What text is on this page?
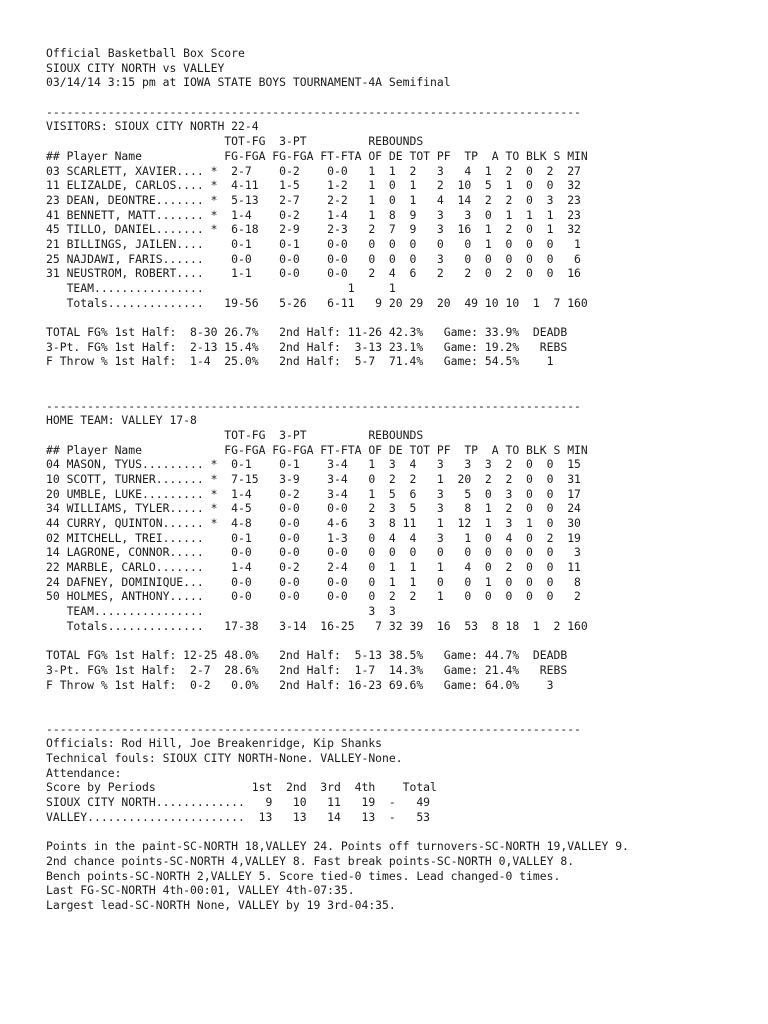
Official Basketball Box Score
SIOUX CITY NORTH vs VALLEY
03/14/14 3:15 pm at IOWA STATE BOYS TOURNAMENT-4A Semifinal
------------------------------------------------------------------------------
VISITORS: SIOUX CITY NORTH 22-4
TOT-FG  3-PT         REBOUNDS
## Player Name            FG-FGA FG-FGA FT-FTA OF DE TOT PF  TP  A TO BLK S MIN
03 SCARLETT, XAVIER.... *  2-7    0-2    0-0   1  1  2   3   4  1  2  0  2  27
11 ELIZALDE, CARLOS.... *  4-11   1-5    1-2   1  0  1   2  10  5  1  0  0  32
23 DEAN, DEONTRE....... *  5-13   2-7    2-2   1  0  1   4  14  2  2  0  3  23
41 BENNETT, MATT....... *  1-4    0-2    1-4   1  8  9   3   3  0  1  1  1  23
45 TILLO, DANIEL....... *  6-18   2-9    2-3   2  7  9   3  16  1  2  0  1  32
21 BILLINGS, JAILEN....    0-1    0-1    0-0   0  0  0   0   0  1  0  0  0   1
25 NAJDAWI, FARIS......    0-0    0-0    0-0   0  0  0   3   0  0  0  0  0   6
31 NEUSTROM, ROBERT....    1-1    0-0    0-0   2  4  6   2   2  0  2  0  0  16
TEAM................                     1     1
Totals..............   19-56   5-26   6-11   9 20 29  20  49 10 10  1  7 160
TOTAL FG% 1st Half:  8-30 26.7%   2nd Half: 11-26 42.3%   Game: 33.9%  DEADB
3-Pt. FG% 1st Half:  2-13 15.4%   2nd Half:  3-13 23.1%   Game: 19.2%   REBS
F Throw % 1st Half:  1-4  25.0%   2nd Half:  5-7  71.4%   Game: 54.5%    1
------------------------------------------------------------------------------
HOME TEAM: VALLEY 17-8
TOT-FG  3-PT         REBOUNDS
## Player Name            FG-FGA FG-FGA FT-FTA OF DE TOT PF  TP  A TO BLK S MIN
04 MASON, TYUS......... *  0-1    0-1    3-4   1  3  4   3   3  3  2  0  0  15
10 SCOTT, TURNER....... *  7-15   3-9    3-4   0  2  2   1  20  2  2  0  0  31
20 UMBLE, LUKE......... *  1-4    0-2    3-4   1  5  6   3   5  0  3  0  0  17
34 WILLIAMS, TYLER..... *  4-5    0-0    0-0   2  3  5   3   8  1  2  0  0  24
44 CURRY, QUINTON...... *  4-8    0-0    4-6   3  8 11   1  12  1  3  1  0  30
02 MITCHELL, TREI......    0-1    0-0    1-3   0  4  4   3   1  0  4  0  2  19
14 LAGRONE, CONNOR.....    0-0    0-0    0-0   0  0  0   0   0  0  0  0  0   3
22 MARBLE, CARLO.......    1-4    0-2    2-4   0  1  1   1   4  0  2  0  0  11
24 DAFNEY, DOMINIQUE...    0-0    0-0    0-0   0  1  1   0   0  1  0  0  0   8
50 HOLMES, ANTHONY.....    0-0    0-0    0-0   0  2  2   1   0  0  0  0  0   2
TEAM................                        3  3
Totals..............   17-38   3-14  16-25   7 32 39  16  53  8 18  1  2 160
TOTAL FG% 1st Half: 12-25 48.0%   2nd Half:  5-13 38.5%   Game: 44.7%  DEADB
3-Pt. FG% 1st Half:  2-7  28.6%   2nd Half:  1-7  14.3%   Game: 21.4%   REBS
F Throw % 1st Half:  0-2   0.0%   2nd Half: 16-23 69.6%   Game: 64.0%    3
------------------------------------------------------------------------------
Officials: Rod Hill, Joe Breakenridge, Kip Shanks
Technical fouls: SIOUX CITY NORTH-None. VALLEY-None.
Attendance:
Score by Periods              1st  2nd  3rd  4th    Total
SIOUX CITY NORTH.............   9   10   11   19  -   49
VALLEY.......................  13   13   14   13  -   53
Points in the paint-SC-NORTH 18,VALLEY 24. Points off turnovers-SC-NORTH 19,VALLEY 9.
2nd chance points-SC-NORTH 4,VALLEY 8. Fast break points-SC-NORTH 0,VALLEY 8.
Bench points-SC-NORTH 2,VALLEY 5. Score tied-0 times. Lead changed-0 times.
Last FG-SC-NORTH 4th-00:01, VALLEY 4th-07:35.
Largest lead-SC-NORTH None, VALLEY by 19 3rd-04:35.
